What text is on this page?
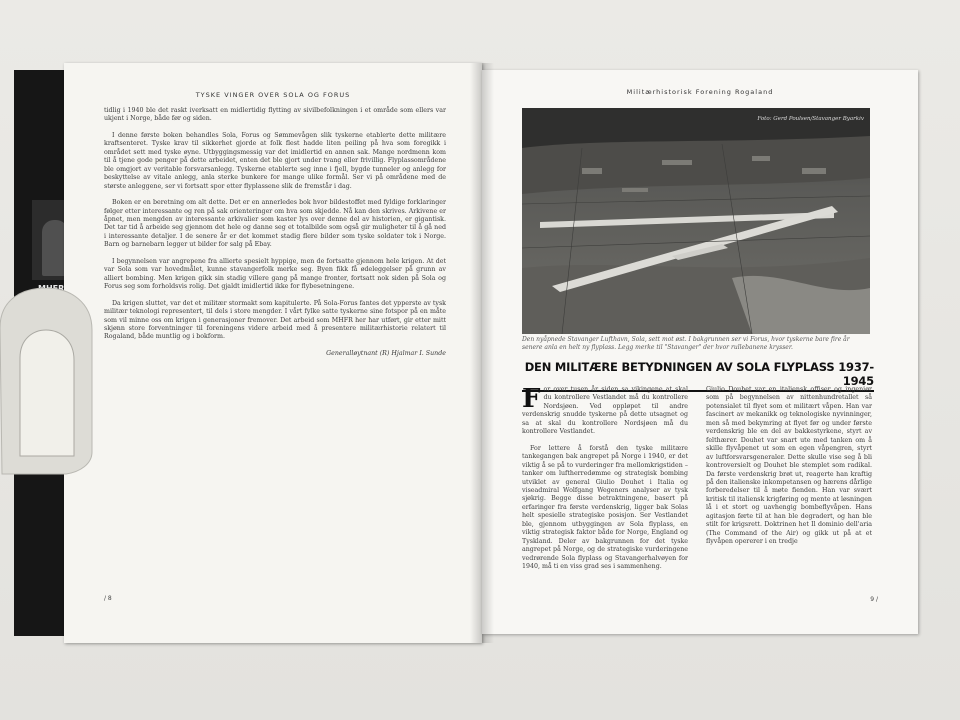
TYSKE VINGER OVER SOLA OG FORUS

tidlig i 1940 ble det raskt iverksatt en midlertidig flytting av sivilbefolkningen i et område som ellers var ukjent i Norge, både før og siden.

I denne første boken behandles Sola, Forus og Sømmevågen slik tyskerne etablerte dette militære kraftsenteret. Tyske krav til sikkerhet gjorde at folk flest hadde liten peiling på hva som foregikk i området sett med tyske øyne. Utbyggingsmessig var det imidlertid en annen sak. Mange nordmenn kom til å tjene gode penger på dette arbeidet, enten det ble gjort under tvang eller frivillig. Flyplassområdene ble omgjort av veritable forsvarsanlegg. Tyskerne etablerte seg inne i fjell, bygde tunneler og anlegg for beskyttelse av vitale anlegg, anla sterke bunkere for mange ulike formål. Ser vi på områdene med de største anleggene, ser vi fortsatt spor etter flyplassene slik de fremstår i dag.

Boken er en beretning om alt dette. Det er en annerledes bok hvor bildestoffet med fyldige forklaringer følger etter interessante og ren på sak orienteringer om hva som skjedde. Nå kan den skrives. Arkivene er åpnet, men mengden av interessante arkivalier som kaster lys over denne del av historien, er gigantisk. Det tar tid å arbeide seg gjennom det hele og danne seg et totalbilde som også gir muligheter til å gå ned i interessante detaljer. I de senere år er det kommet stadig flere bilder som tyske soldater tok i Norge. Barn og barnebarn legger ut bilder for salg på Ebay.

I begynnelsen var angrepene fra allierte spesielt hyppige, men de fortsatte gjennom hele krigen. At det var Sola som var hovedmålet, kunne stavangerfolk merke seg. Byen fikk få ødeleggelser på grunn av alliert bombing. Men krigen gikk sin stadig villere gang på mange fronter, fortsatt nok siden på Sola og Forus seg som forholdsvis rolig. Det gjaldt imidlertid ikke for flybesetningene.

Da krigen sluttet, var det et militær stormakt som kapitulerte. På Sola-Forus fantes det ypperste av tysk militær teknologi representert, til dels i store mengder. I vårt fylke satte tyskerne sine fotspor på en måte som vil minne oss om krigen i generasjoner fremover. Det arbeid som MHFR her har utført, gir etter mitt skjønn store forventninger til foreningens videre arbeid med å presentere militærhistorie relatert til Rogaland, både muntlig og i bokform.

Generalløytnant (R) Hjalmar I. Sunde
/ 8
Militærhistorisk Forening Rogaland
Foto: Gerd Poulsen/Stavanger Byarkiv
Den nyåpnede Stavanger Lufthavn, Sola, sett mot øst. I bakgrunnen ser vi Forus, hvor tyskerne bare fire år senere anla en helt ny flyplass. Legg merke til "Stavanger" der hvor rullebanene krysser.
DEN MILITÆRE BETYDNINGEN AV SOLA FLYPLASS 1937-1945

For over tusen år siden sa vikingene at skal du kontrollere Vestlandet må du kontrollere Nordsjøen. Ved oppløpet til andre verdenskrig snudde tyskerne på dette utsagnet og sa at skal du kontrollere Nordsjøen må du kontrollere Vestlandet.

For lettere å forstå den tyske militære tankegangen bak angrepet på Norge i 1940, er det viktig å se på to vurderinger fra mellomkrigstiden – tanker om luftherredømme og strategisk bombing utviklet av general Giulio Douhet i Italia og viseadmiral Wolfgang Wegeners analyser av tysk sjøkrig. Begge disse betraktningene, basert på erfaringer fra første verdenskrig, ligger bak Solas helt spesielle strategiske posisjon. Ser Vestlandet ble, gjennom utbyggingen av Sola flyplass, en viktig strategisk faktor både for Norge, England og Tyskland. Deler av bakgrunnen for det tyske angrepet på Norge, og de strategiske vurderingene vedrørende Sola flyplass og Stavangerhalvøyen for 1940, må ti en viss grad ses i sammenheng.

Giulio Douhet var en italiensk offiser og ingeniør som på begynnelsen av nittenhundretallet så potensialet til flyet som et militært våpen. Han var fascinert av mekanikk og teknologiske nyvinninger, men så med bekymring at flyet før og under første verdenskrig ble en del av bakkestyrkene, styrt av felthærer. Douhet var snart ute med tanken om å skille flyvåpenet ut som en egen våpengren, styrt av luftforsvarsgeneraler. Dette skulle vise seg å bli kontroversielt og Douhet ble stemplet som radikal. Da første verdenskrig brøt ut, reagerte han kraftig på den italienske inkompetansen og hærens dårlige forberedelser til å møte fienden. Han var svært kritisk til italiensk krigføring og mente at løsningen lå i et stort og uavhengig bombeflyvåpen. Hans agitasjon førte til at han ble degradert, og han ble stilt for krigsrett. Doktrinen het Il dominio dell'aria (The Command of the Air) og gikk ut på at et flyvåpen opererer i en tredje

9 /
